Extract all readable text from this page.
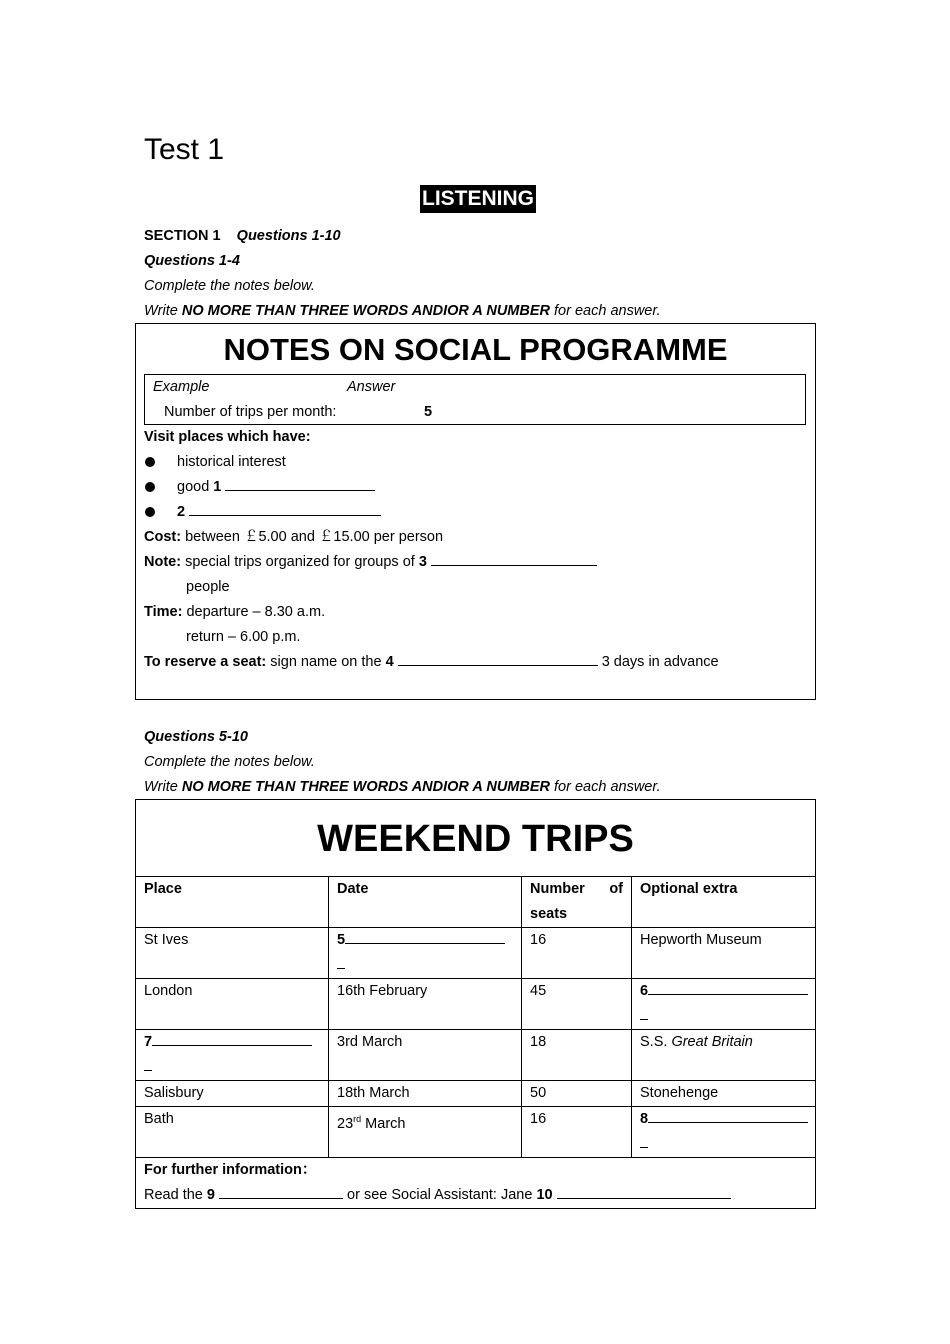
Test 1
LISTENING
SECTION 1 Questions 1-10
Questions 1-4
Complete the notes below.
Write NO MORE THAN THREE WORDS ANDIOR A NUMBER for each answer.
NOTES ON SOCIAL PROGRAMME
Example	Answer
Number of trips per month:	5
Visit places which have:
historical interest
good 1
2
Cost: between ￡5.00 and ￡15.00 per person
Note: special trips organized for groups of 3
people
Time: departure – 8.30 a.m.
return – 6.00 p.m.
To reserve a seat: sign name on the 4	3 days in advance
Questions 5-10
Complete the notes below.
Write NO MORE THAN THREE WORDS ANDIOR A NUMBER for each answer.

Place	Date	Number of seats	Optional extra
St Ives	5	16	Hepworth Museum
London	16th February	45	6

7	3rd March	18	S.S. Great Britain
Salisbury	18th March	50	Stonehenge
Bath	23rd March	16	8

For further information：
Read the 9 or see Social Assistant: Jane 10			
WEEKEND TRIPS
